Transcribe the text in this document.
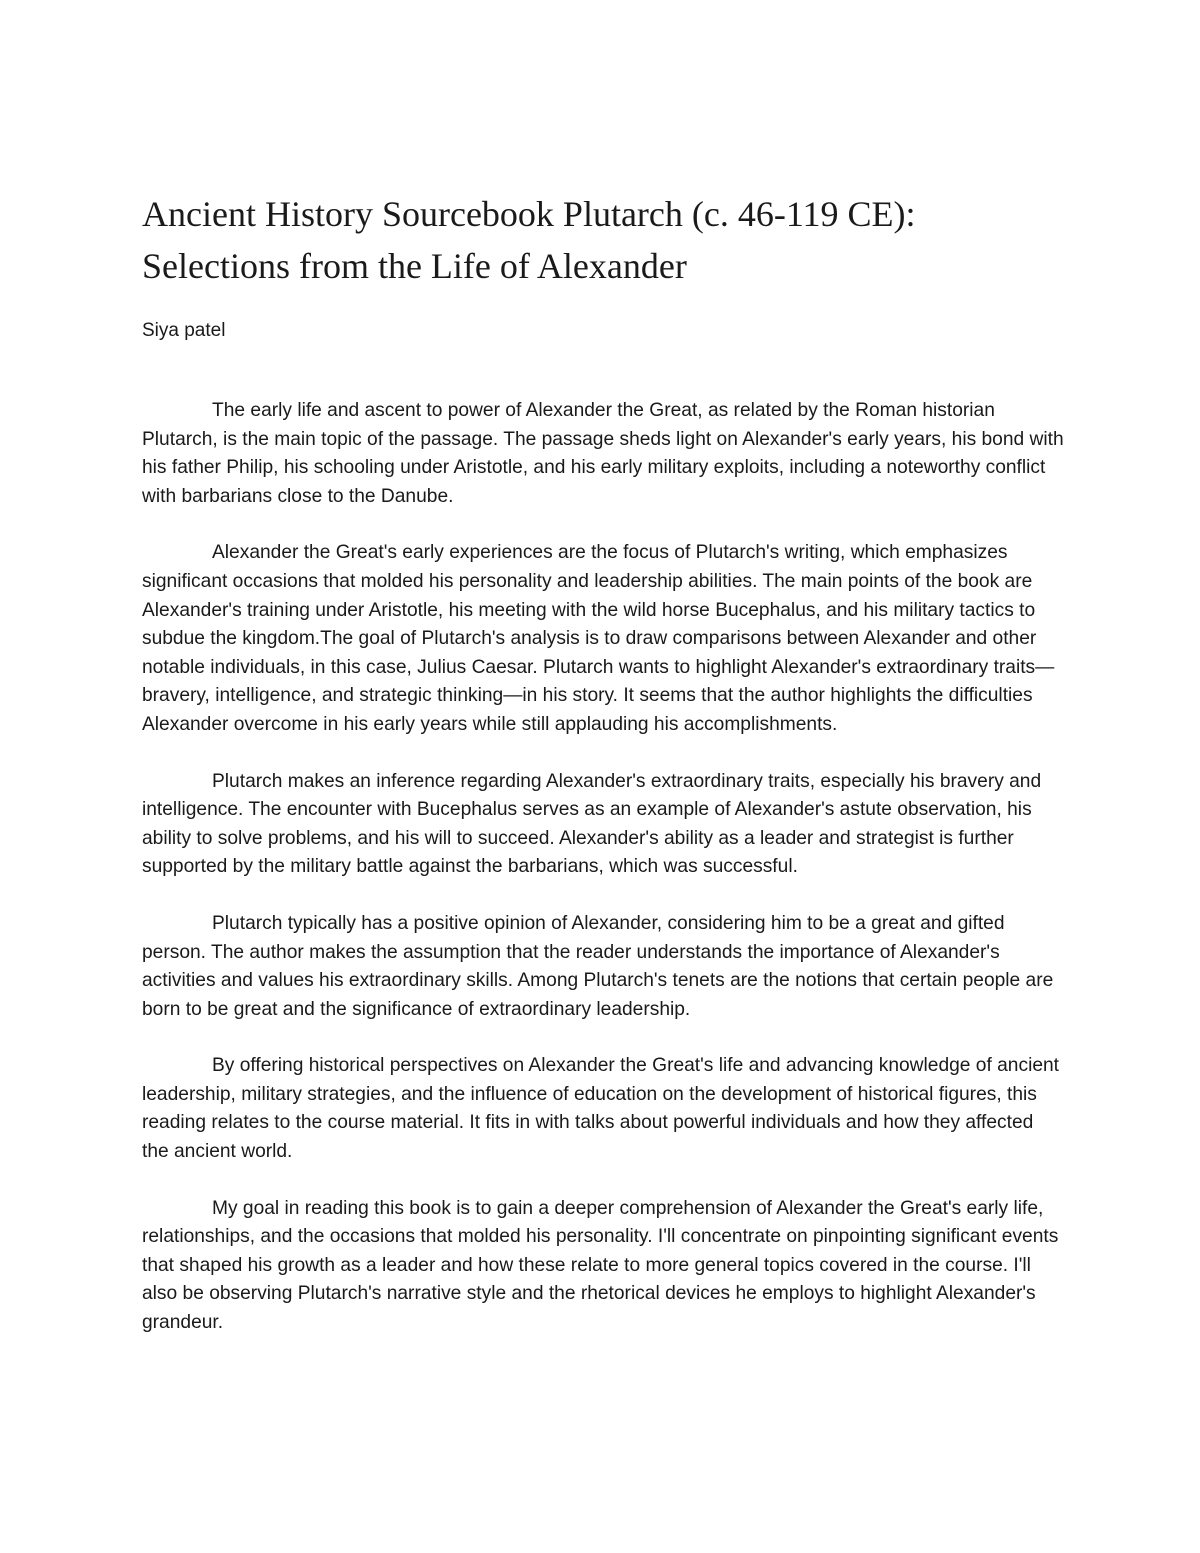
Ancient History Sourcebook Plutarch (c. 46-119 CE): Selections from the Life of Alexander
Siya patel

The early life and ascent to power of Alexander the Great, as related by the Roman historian Plutarch, is the main topic of the passage. The passage sheds light on Alexander's early years, his bond with his father Philip, his schooling under Aristotle, and his early military exploits, including a noteworthy conflict with barbarians close to the Danube.

Alexander the Great's early experiences are the focus of Plutarch's writing, which emphasizes significant occasions that molded his personality and leadership abilities. The main points of the book are Alexander's training under Aristotle, his meeting with the wild horse Bucephalus, and his military tactics to subdue the kingdom.The goal of Plutarch's analysis is to draw comparisons between Alexander and other notable individuals, in this case, Julius Caesar. Plutarch wants to highlight Alexander's extraordinary traits—bravery, intelligence, and strategic thinking—in his story. It seems that the author highlights the difficulties Alexander overcome in his early years while still applauding his accomplishments.

Plutarch makes an inference regarding Alexander's extraordinary traits, especially his bravery and intelligence. The encounter with Bucephalus serves as an example of Alexander's astute observation, his ability to solve problems, and his will to succeed. Alexander's ability as a leader and strategist is further supported by the military battle against the barbarians, which was successful.

Plutarch typically has a positive opinion of Alexander, considering him to be a great and gifted person. The author makes the assumption that the reader understands the importance of Alexander's activities and values his extraordinary skills. Among Plutarch's tenets are the notions that certain people are born to be great and the significance of extraordinary leadership.

By offering historical perspectives on Alexander the Great's life and advancing knowledge of ancient leadership, military strategies, and the influence of education on the development of historical figures, this reading relates to the course material. It fits in with talks about powerful individuals and how they affected the ancient world.

My goal in reading this book is to gain a deeper comprehension of Alexander the Great's early life, relationships, and the occasions that molded his personality. I'll concentrate on pinpointing significant events that shaped his growth as a leader and how these relate to more general topics covered in the course. I'll also be observing Plutarch's narrative style and the rhetorical devices he employs to highlight Alexander's grandeur.
